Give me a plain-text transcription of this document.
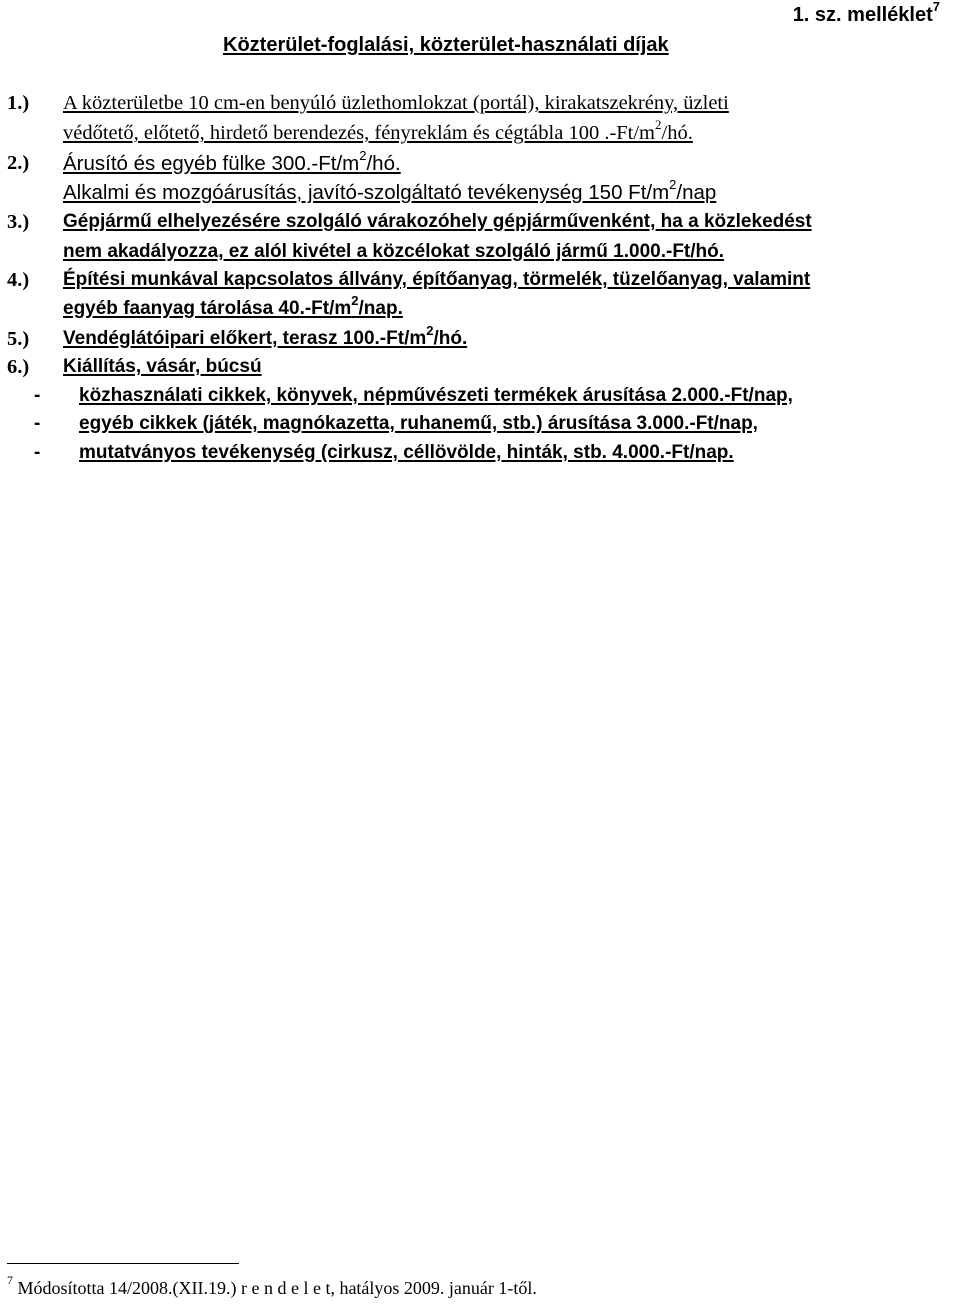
1. sz. melléklet$^7$
Közterület-foglalási, közterület-használati díjak
1.) A közterületbe 10 cm-en benyúló üzlethomlokzat (portál), kirakatszekrény, üzleti
védőtető, előtető, hirdető berendezés, fényreklám és cégtábla 100 $.-Ft/m^2/hó$.
2.) Árusító és egyéb fülke $300.-Ft/m^2/hó$.
Alkalmi és mozgóárusítás, javító-szolgáltató tevékenység 150 $Ft/m^2$/nap
3.) Gépjármű elhelyezésére szolgáló várakozóhely gépjárművenként, ha a közlekedést
nem akadályozza, ez alól kivétel a közcélokat szolgáló jármű 1.000.-Ft/hó.
4.) Építési munkával kapcsolatos állvány, építőanyag, törmelék, tüzelőanyag, valamint
egyéb faanyag tárolása $40.-Ft/m^2$/nap.
5.) Vendéglátóipari előkert, terasz $100.-Ft/m^2/hó$.
6.) Kiállítás, vásár, búcsú
- közhasználati cikkek, könyvek, népművészeti termékek árusítása 2.000.-Ft/nap,
- egyéb cikkek (játék, magnókazetta, ruhanemű, stb.) árusítása 3.000.-Ft/nap,
- mutatványos tevékenység (cirkusz, céllövölde, hinták, stb. 4.000.-Ft/nap.
$^7$ Módosította 14/2008.(XII.19.) r e n d e l e t, hatályos 2009. január 1-től.
